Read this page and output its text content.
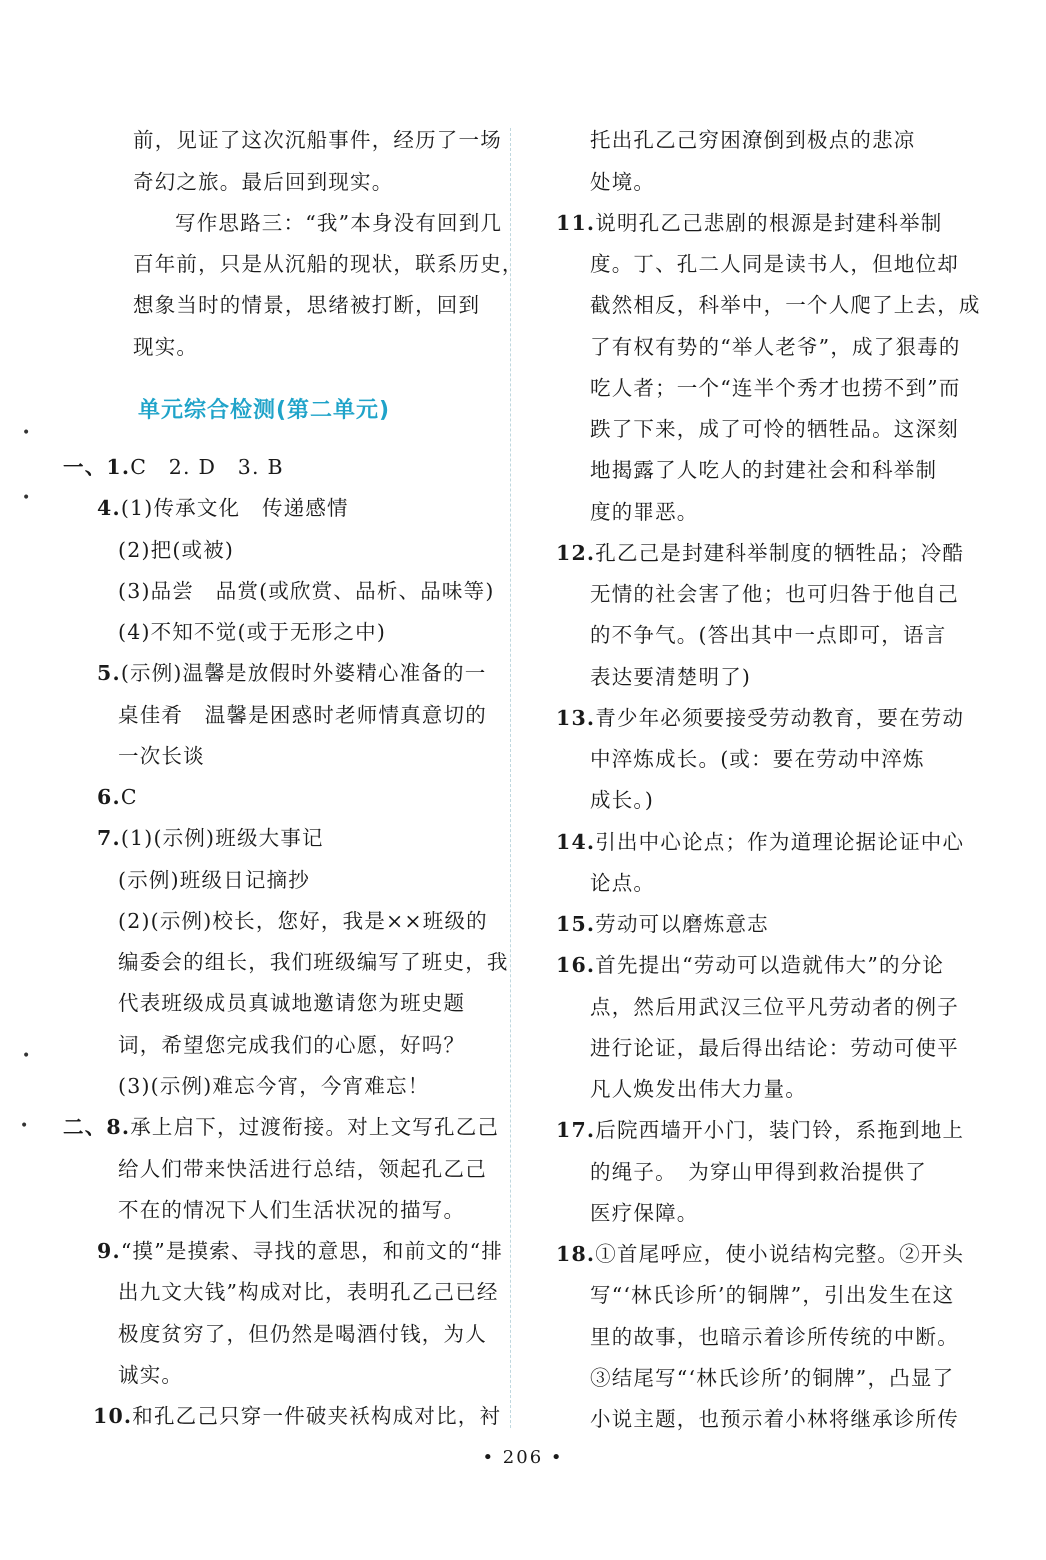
前，见证了这次沉船事件，经历了一场
奇幻之旅。最后回到现实。
写作思路三：“我”本身没有回到几
百年前，只是从沉船的现状，联系历史，
想象当时的情景，思绪被打断，回到
现实。
一、1.C　2. D　3. B
4.(1)传承文化　传递感情
(2)把(或被)
(3)品尝　品赏(或欣赏、品析、品味等)
(4)不知不觉(或于无形之中)
5.(示例)温馨是放假时外婆精心准备的一
桌佳肴　温馨是困惑时老师情真意切的
一次长谈
6.C
7.(1)(示例)班级大事记
(示例)班级日记摘抄
(2)(示例)校长，您好，我是××班级的
编委会的组长，我们班级编写了班史，我
代表班级成员真诚地邀请您为班史题
词，希望您完成我们的心愿，好吗？
(3)(示例)难忘今宵，今宵难忘！
二、8.承上启下，过渡衔接。对上文写孔乙己
给人们带来快活进行总结，领起孔乙己
不在的情况下人们生活状况的描写。
9.“摸”是摸索、寻找的意思，和前文的“排
出九文大钱”构成对比，表明孔乙己已经
极度贫穷了，但仍然是喝酒付钱，为人
诚实。
10.和孔乙己只穿一件破夹袄构成对比，衬
托出孔乙己穷困潦倒到极点的悲凉
处境。
11.说明孔乙己悲剧的根源是封建科举制
度。丁、孔二人同是读书人，但地位却
截然相反，科举中，一个人爬了上去，成
了有权有势的“举人老爷”，成了狠毒的
吃人者；一个“连半个秀才也捞不到”而
跌了下来，成了可怜的牺牲品。这深刻
地揭露了人吃人的封建社会和科举制
度的罪恶。
12.孔乙己是封建科举制度的牺牲品；冷酷
无情的社会害了他；也可归咎于他自己
的不争气。(答出其中一点即可，语言
表达要清楚明了)
13.青少年必须要接受劳动教育，要在劳动
中淬炼成长。(或：要在劳动中淬炼
成长。)
14.引出中心论点；作为道理论据论证中心
论点。
15.劳动可以磨炼意志
16.首先提出“劳动可以造就伟大”的分论
点，然后用武汉三位平凡劳动者的例子
进行论证，最后得出结论：劳动可使平
凡人焕发出伟大力量。
17.后院西墙开小门，装门铃，系拖到地上
的绳子。　为穿山甲得到救治提供了
医疗保障。
18.①首尾呼应，使小说结构完整。②开头
写“‘林氏诊所’的铜牌”，引出发生在这
里的故事，也暗示着诊所传统的中断。
③结尾写“‘林氏诊所’的铜牌”，凸显了
小说主题，也预示着小林将继承诊所传
单元综合检测(第二单元)
•
•
•
•
• 206 •
